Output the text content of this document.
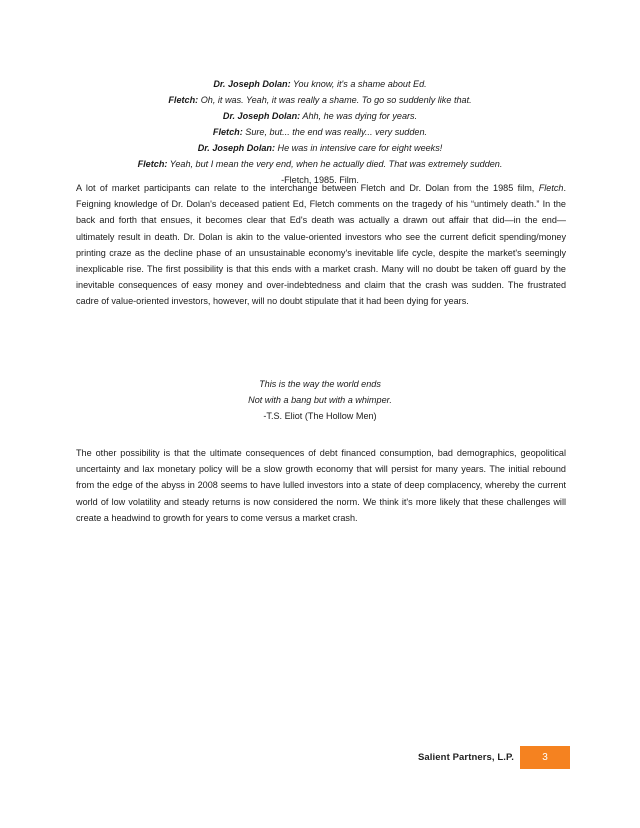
Dr. Joseph Dolan: You know, it's a shame about Ed.
Fletch: Oh, it was. Yeah, it was really a shame. To go so suddenly like that.
Dr. Joseph Dolan: Ahh, he was dying for years.
Fletch: Sure, but... the end was really... very sudden.
Dr. Joseph Dolan: He was in intensive care for eight weeks!
Fletch: Yeah, but I mean the very end, when he actually died. That was extremely sudden.
-Fletch, 1985. Film.

A lot of market participants can relate to the interchange between Fletch and Dr. Dolan from the 1985 film, Fletch. Feigning knowledge of Dr. Dolan's deceased patient Ed, Fletch comments on the tragedy of his “untimely death.” In the back and forth that ensues, it becomes clear that Ed's death was actually a drawn out affair that did—in the end—ultimately result in death. Dr. Dolan is akin to the value-oriented investors who see the current deficit spending/money printing craze as the decline phase of an unsustainable economy's inevitable life cycle, despite the market's seemingly inexplicable rise. The first possibility is that this ends with a market crash. Many will no doubt be taken off guard by the inevitable consequences of easy money and over-indebtedness and claim that the crash was sudden. The frustrated cadre of value-oriented investors, however, will no doubt stipulate that it had been dying for years.

This is the way the world ends
Not with a bang but with a whimper.
-T.S. Eliot (The Hollow Men)

The other possibility is that the ultimate consequences of debt financed consumption, bad demographics, geopolitical uncertainty and lax monetary policy will be a slow growth economy that will persist for many years. The initial rebound from the edge of the abyss in 2008 seems to have lulled investors into a state of deep complacency, whereby the current world of low volatility and steady returns is now considered the norm. We think it's more likely that these challenges will create a headwind to growth for years to come versus a market crash.

Salient Partners, L.P.	3
